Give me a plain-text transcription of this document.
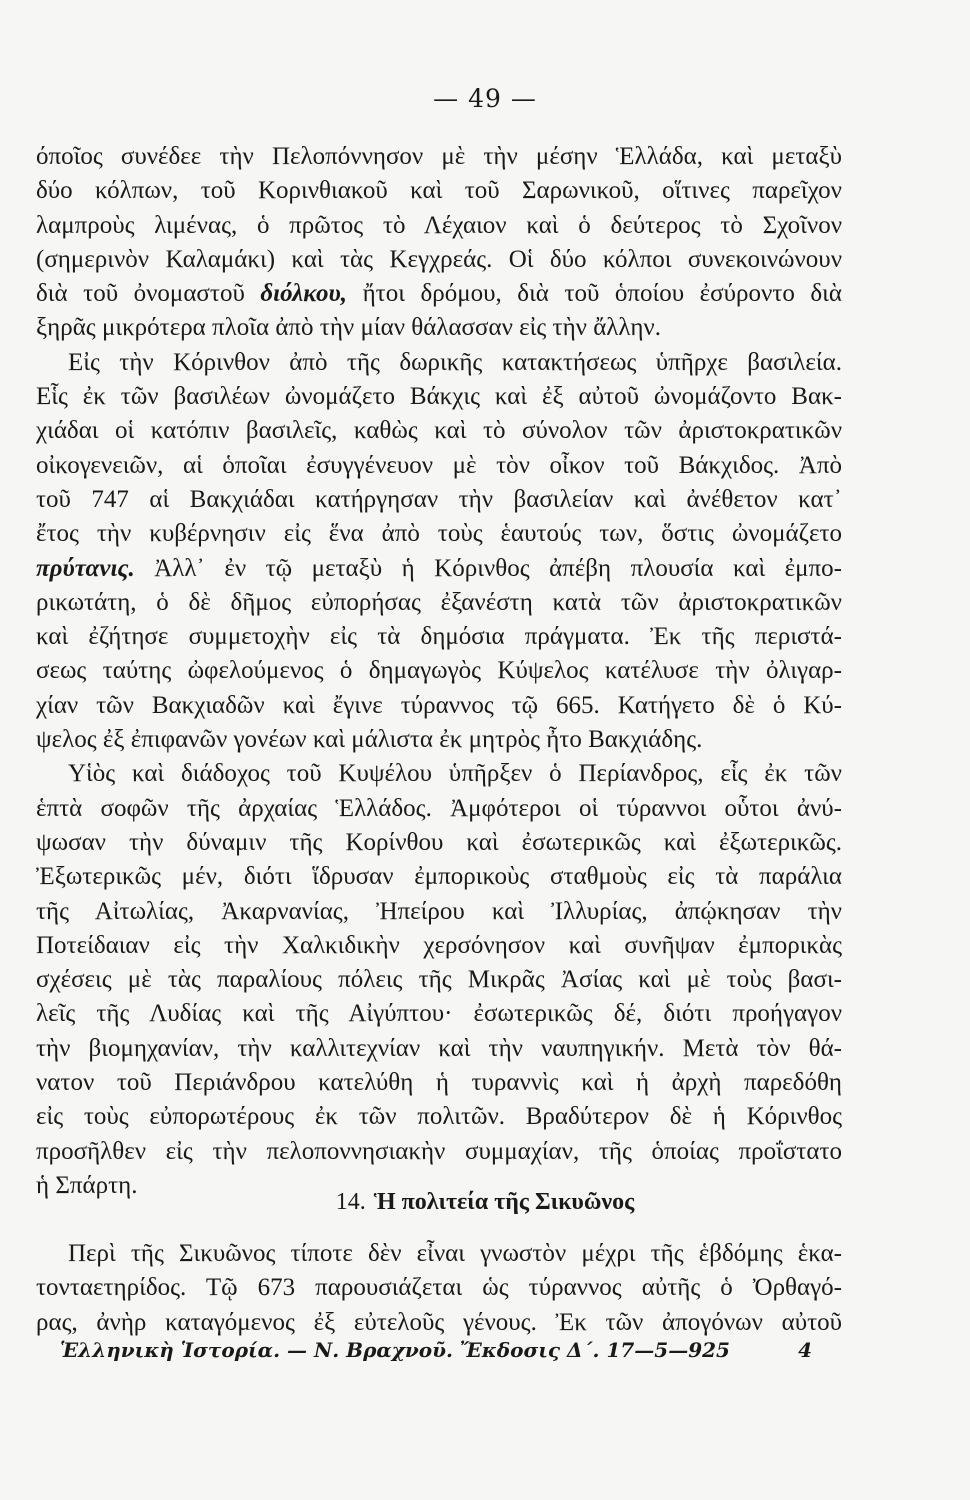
— 49 —
όποῖος συνέδεε τὴν Πελοπόννησον μὲ τὴν μέσην Ἑλλάδα, καὶ μεταξὺ
δύο κόλπων, τοῦ Κορινθιακοῦ καὶ τοῦ Σαρωνικοῦ, οἵτινες παρεῖχον
λαμπροὺς λιμένας, ὁ πρῶτος τὸ Λέχαιον καὶ ὁ δεύτερος τὸ Σχοῖνον
(σημερινὸν Καλαμάκι) καὶ τὰς Κεγχρεάς. Οἱ δύο κόλποι συνεκοινώνουν
διὰ τοῦ ὀνομαστοῦ διόλκου, ἤτοι δρόμου, διὰ τοῦ ὁποίου ἐσύροντο διὰ
ξηρᾶς μικρότερα πλοῖα ἀπὸ τὴν μίαν θάλασσαν εἰς τὴν ἄλλην.
Εἰς τὴν Κόρινθον ἀπὸ τῆς δωρικῆς κατακτήσεως ὑπῆρχε βασιλεία.
Εἷς ἐκ τῶν βασιλέων ὠνομάζετο Βάκχις καὶ ἐξ αὐτοῦ ὠνομάζοντο Βακ-
χιάδαι οἱ κατόπιν βασιλεῖς, καθὼς καὶ τὸ σύνολον τῶν ἀριστοκρατικῶν
οἰκογενειῶν, αἱ ὁποῖαι ἐσυγγένευον μὲ τὸν οἶκον τοῦ Βάκχιδος. Ἀπὸ
τοῦ 747 αἱ Βακχιάδαι κατήργησαν τὴν βασιλείαν καὶ ἀνέθετον κατ᾽
ἔτος τὴν κυβέρνησιν εἰς ἕνα ἀπὸ τοὺς ἑαυτούς των, ὅστις ὠνομάζετο
πρύτανις. Ἀλλ᾽ ἐν τῷ μεταξὺ ἡ Κόρινθος ἀπέβη πλουσία καὶ ἐμπο-
ρικωτάτη, ὁ δὲ δῆμος εὐπορήσας ἐξανέστη κατὰ τῶν ἀριστοκρατικῶν
καὶ ἐζήτησε συμμετοχὴν εἰς τὰ δημόσια πράγματα. Ἐκ τῆς περιστά-
σεως ταύτης ὠφελούμενος ὁ δημαγωγὸς Κύψελος κατέλυσε τὴν ὀλιγαρ-
χίαν τῶν Βακχιαδῶν καὶ ἔγινε τύραννος τῷ 665. Κατήγετο δὲ ὁ Κύ-
ψελος ἐξ ἐπιφανῶν γονέων καὶ μάλιστα ἐκ μητρὸς ἦτο Βακχιάδης.
Υἱὸς καὶ διάδοχος τοῦ Κυψέλου ὑπῆρξεν ὁ Περίανδρος, εἷς ἐκ τῶν
ἑπτὰ σοφῶν τῆς ἀρχαίας Ἑλλάδος. Ἀμφότεροι οἱ τύραννοι οὗτοι ἀνύ-
ψωσαν τὴν δύναμιν τῆς Κορίνθου καὶ ἐσωτερικῶς καὶ ἐξωτερικῶς.
Ἐξωτερικῶς μέν, διότι ἵδρυσαν ἐμπορικοὺς σταθμοὺς εἰς τὰ παράλια
τῆς Αἰτωλίας, Ἀκαρνανίας, Ἠπείρου καὶ Ἰλλυρίας, ἀπῴκησαν τὴν
Ποτείδαιαν εἰς τὴν Χαλκιδικὴν χερσόνησον καὶ συνῆψαν ἐμπορικὰς
σχέσεις μὲ τὰς παραλίους πόλεις τῆς Μικρᾶς Ἀσίας καὶ μὲ τοὺς βασι-
λεῖς τῆς Λυδίας καὶ τῆς Αἰγύπτου· ἐσωτερικῶς δέ, διότι προήγαγον
τὴν βιομηχανίαν, τὴν καλλιτεχνίαν καὶ τὴν ναυπηγικήν. Μετὰ τὸν θά-
νατον τοῦ Περιάνδρου κατελύθη ἡ τυραννὶς καὶ ἡ ἀρχὴ παρεδόθη
εἰς τοὺς εὐπορωτέρους ἐκ τῶν πολιτῶν. Βραδύτερον δὲ ἡ Κόρινθος
προσῆλθεν εἰς τὴν πελοποννησιακὴν συμμαχίαν, τῆς ὁποίας προΐστατο
ἡ Σπάρτη.
14. Ἡ πολιτεία τῆς Σικυῶνος
Περὶ τῆς Σικυῶνος τίποτε δὲν εἶναι γνωστὸν μέχρι τῆς ἑβδόμης ἑκα-
τονταετηρίδος. Τῷ 673 παρουσιάζεται ὡς τύραννος αὐτῆς ὁ Ὀρθαγό-
ρας, ἀνὴρ καταγόμενος ἐξ εὐτελοῦς γένους. Ἐκ τῶν ἀπογόνων αὐτοῦ
Ἑλληνικὴ Ἱστορία. — Ν. Βραχνοῦ. Ἔκδοσις Δ΄. 17—5—925	4
